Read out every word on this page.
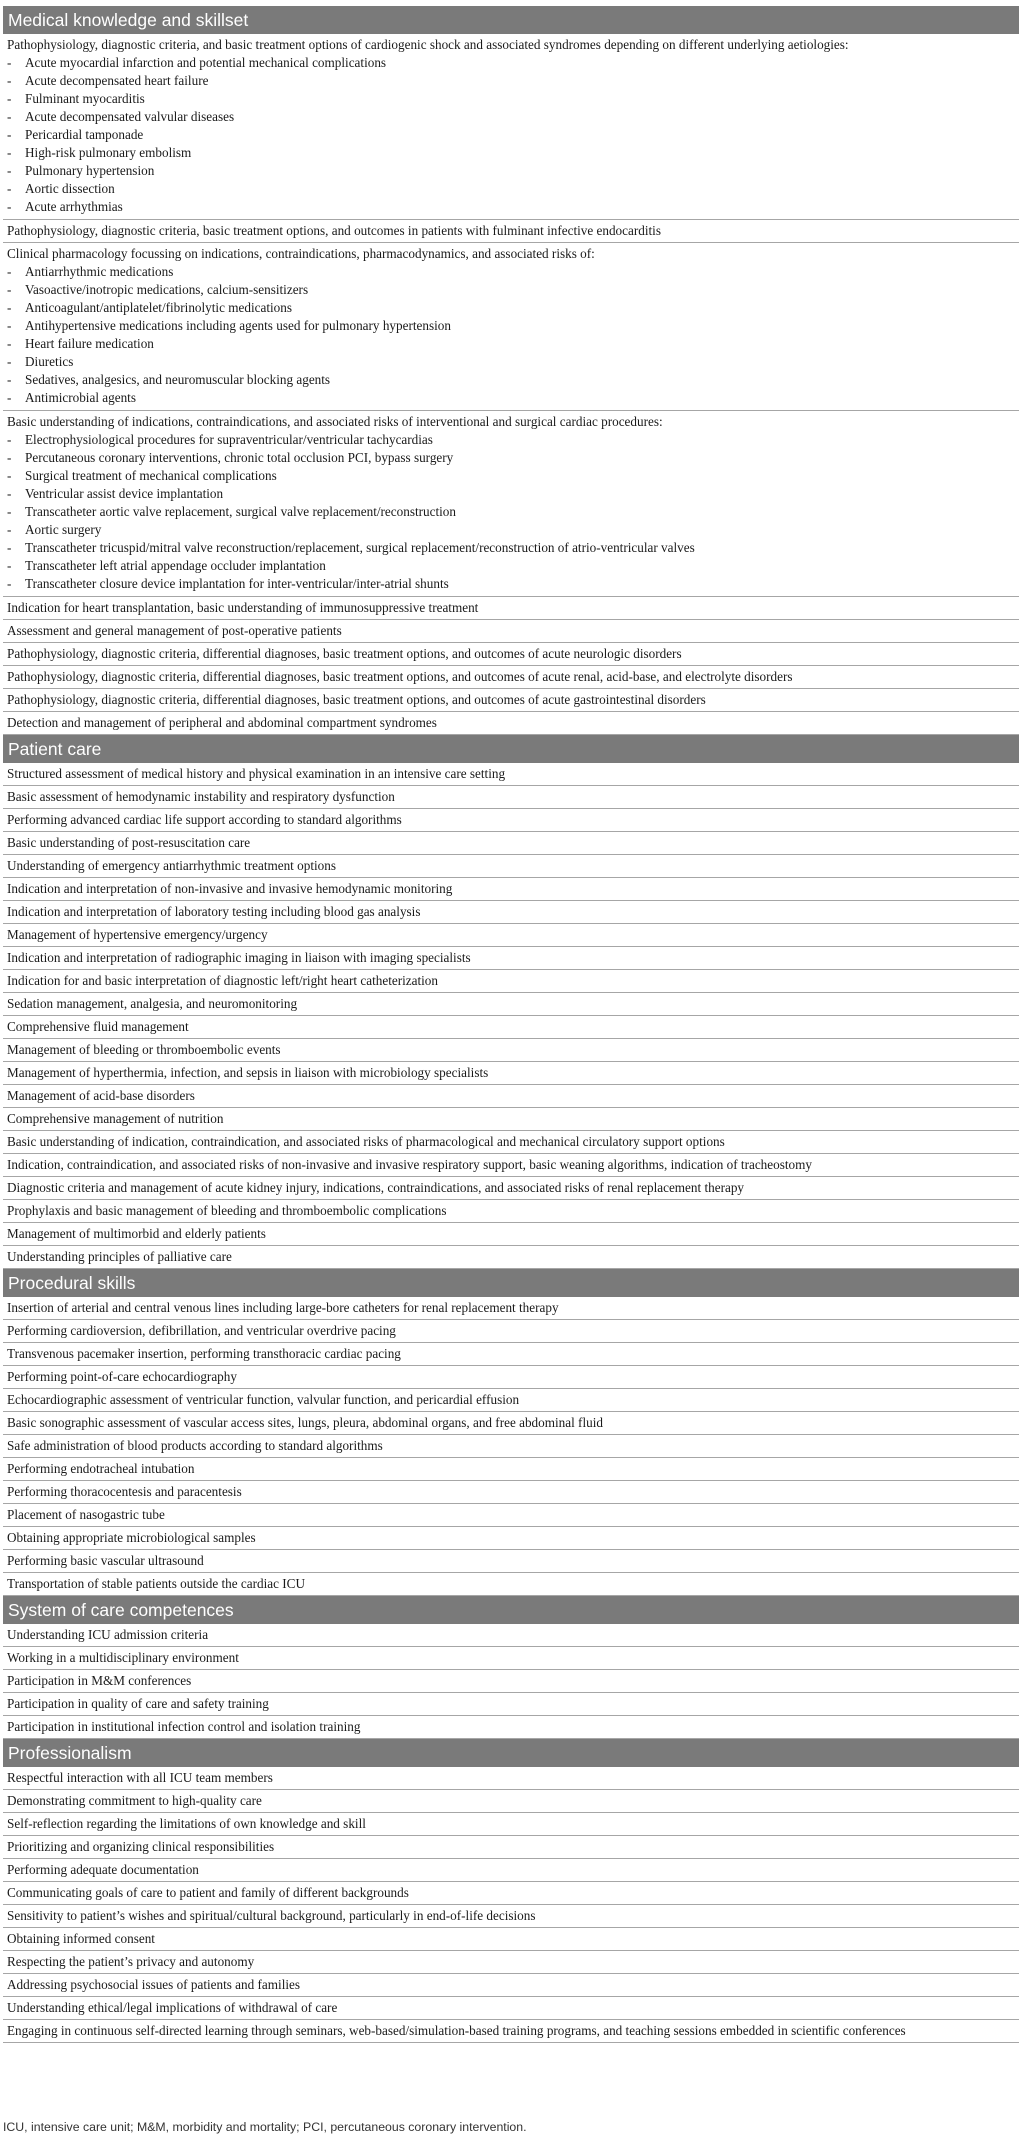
Medical knowledge and skillset
Pathophysiology, diagnostic criteria, and basic treatment options of cardiogenic shock and associated syndromes depending on different underlying aetiologies:
-	Acute myocardial infarction and potential mechanical complications
-	Acute decompensated heart failure
-	Fulminant myocarditis
-	Acute decompensated valvular diseases
-	Pericardial tamponade
-	High-risk pulmonary embolism
-	Pulmonary hypertension
-	Aortic dissection
-	Acute arrhythmias
Pathophysiology, diagnostic criteria, basic treatment options, and outcomes in patients with fulminant infective endocarditis
Clinical pharmacology focussing on indications, contraindications, pharmacodynamics, and associated risks of:
-	Antiarrhythmic medications
-	Vasoactive/inotropic medications, calcium-sensitizers
-	Anticoagulant/antiplatelet/fibrinolytic medications
-	Antihypertensive medications including agents used for pulmonary hypertension
-	Heart failure medication
-	Diuretics
-	Sedatives, analgesics, and neuromuscular blocking agents
-	Antimicrobial agents
Basic understanding of indications, contraindications, and associated risks of interventional and surgical cardiac procedures:
-	Electrophysiological procedures for supraventricular/ventricular tachycardias
-	Percutaneous coronary interventions, chronic total occlusion PCI, bypass surgery
-	Surgical treatment of mechanical complications
-	Ventricular assist device implantation
-	Transcatheter aortic valve replacement, surgical valve replacement/reconstruction
-	Aortic surgery
-	Transcatheter tricuspid/mitral valve reconstruction/replacement, surgical replacement/reconstruction of atrio-ventricular valves
-	Transcatheter left atrial appendage occluder implantation
-	Transcatheter closure device implantation for inter-ventricular/inter-atrial shunts
Indication for heart transplantation, basic understanding of immunosuppressive treatment
Assessment and general management of post-operative patients
Pathophysiology, diagnostic criteria, differential diagnoses, basic treatment options, and outcomes of acute neurologic disorders
Pathophysiology, diagnostic criteria, differential diagnoses, basic treatment options, and outcomes of acute renal, acid-base, and electrolyte disorders
Pathophysiology, diagnostic criteria, differential diagnoses, basic treatment options, and outcomes of acute gastrointestinal disorders
Detection and management of peripheral and abdominal compartment syndromes
Patient care
Structured assessment of medical history and physical examination in an intensive care setting
Basic assessment of hemodynamic instability and respiratory dysfunction
Performing advanced cardiac life support according to standard algorithms
Basic understanding of post-resuscitation care
Understanding of emergency antiarrhythmic treatment options
Indication and interpretation of non-invasive and invasive hemodynamic monitoring
Indication and interpretation of laboratory testing including blood gas analysis
Management of hypertensive emergency/urgency
Indication and interpretation of radiographic imaging in liaison with imaging specialists
Indication for and basic interpretation of diagnostic left/right heart catheterization
Sedation management, analgesia, and neuromonitoring
Comprehensive fluid management
Management of bleeding or thromboembolic events
Management of hyperthermia, infection, and sepsis in liaison with microbiology specialists
Management of acid-base disorders
Comprehensive management of nutrition
Basic understanding of indication, contraindication, and associated risks of pharmacological and mechanical circulatory support options
Indication, contraindication, and associated risks of non-invasive and invasive respiratory support, basic weaning algorithms, indication of tracheostomy
Diagnostic criteria and management of acute kidney injury, indications, contraindications, and associated risks of renal replacement therapy
Prophylaxis and basic management of bleeding and thromboembolic complications
Management of multimorbid and elderly patients
Understanding principles of palliative care
Procedural skills
Insertion of arterial and central venous lines including large-bore catheters for renal replacement therapy
Performing cardioversion, defibrillation, and ventricular overdrive pacing
Transvenous pacemaker insertion, performing transthoracic cardiac pacing
Performing point-of-care echocardiography
Echocardiographic assessment of ventricular function, valvular function, and pericardial effusion
Basic sonographic assessment of vascular access sites, lungs, pleura, abdominal organs, and free abdominal fluid
Safe administration of blood products according to standard algorithms
Performing endotracheal intubation
Performing thoracocentesis and paracentesis
Placement of nasogastric tube
Obtaining appropriate microbiological samples
Performing basic vascular ultrasound
Transportation of stable patients outside the cardiac ICU
System of care competences
Understanding ICU admission criteria
Working in a multidisciplinary environment
Participation in M&M conferences
Participation in quality of care and safety training
Participation in institutional infection control and isolation training
Professionalism
Respectful interaction with all ICU team members
Demonstrating commitment to high-quality care
Self-reflection regarding the limitations of own knowledge and skill
Prioritizing and organizing clinical responsibilities
Performing adequate documentation
Communicating goals of care to patient and family of different backgrounds
Sensitivity to patient’s wishes and spiritual/cultural background, particularly in end-of-life decisions
Obtaining informed consent
Respecting the patient’s privacy and autonomy
Addressing psychosocial issues of patients and families
Understanding ethical/legal implications of withdrawal of care
Engaging in continuous self-directed learning through seminars, web-based/simulation-based training programs, and teaching sessions embedded in scientific conferences
ICU, intensive care unit; M&M, morbidity and mortality; PCI, percutaneous coronary intervention.
